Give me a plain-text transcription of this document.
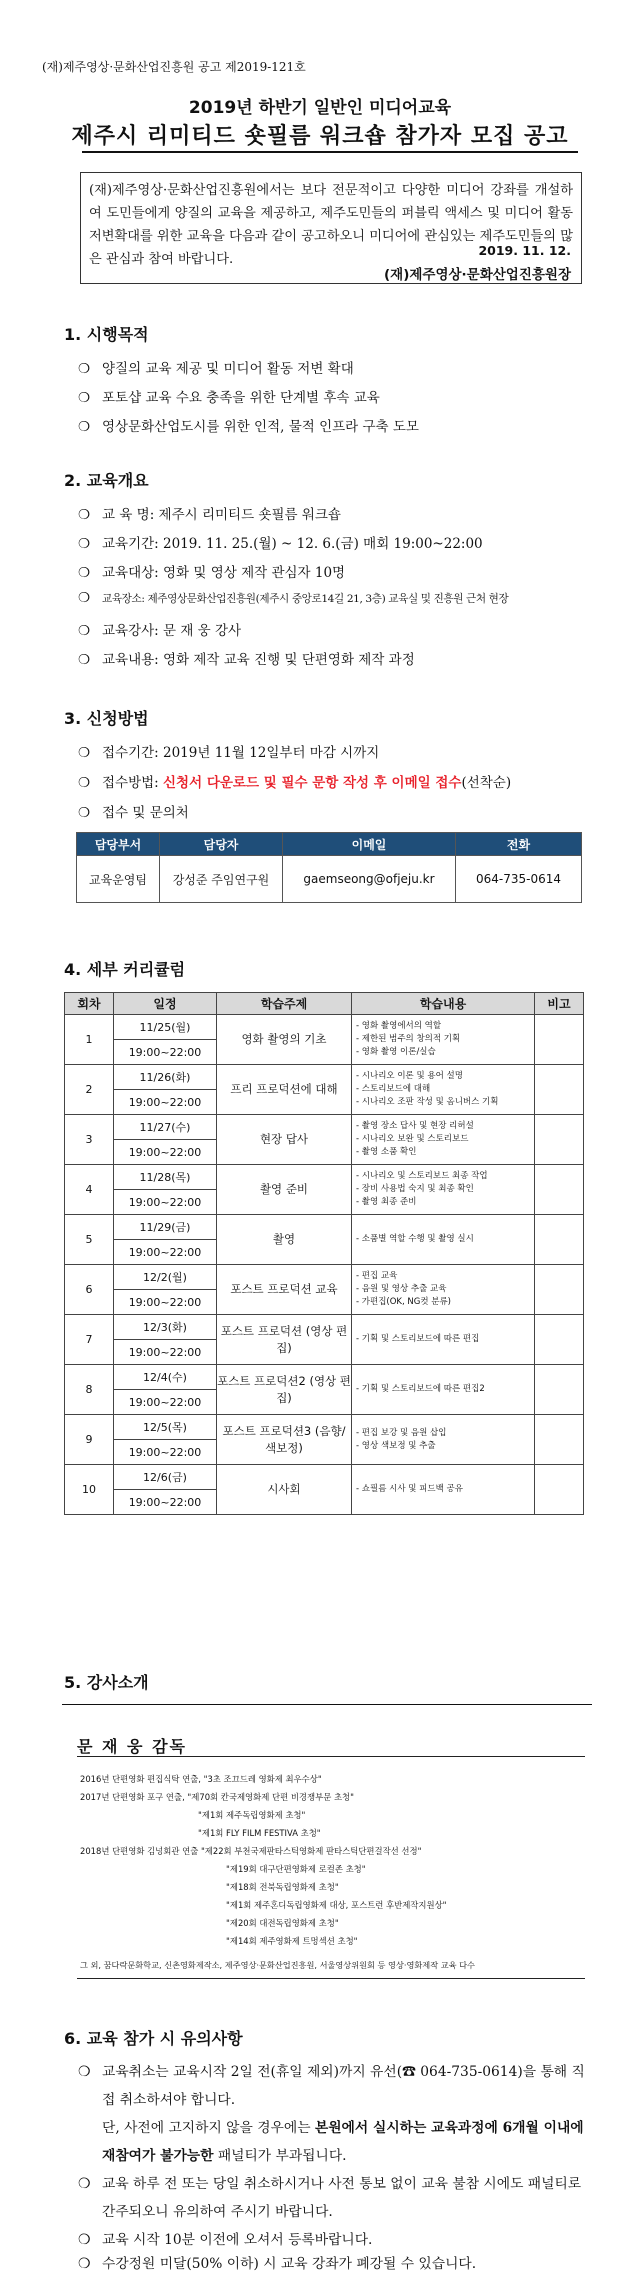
(재)제주영상·문화산업진흥원 공고 제2019-121호
2019년 하반기 일반인 미디어교육
제주시 리미티드 숏필름 워크숍 참가자 모집 공고
(재)제주영상·문화산업진흥원에서는 보다 전문적이고 다양한 미디어 강좌를 개설하여 도민들에게 양질의 교육을 제공하고, 제주도민들의 퍼블릭 액세스 및 미디어 활동 저변확대를 위한 교육을 다음과 같이 공고하오니 미디어에 관심있는 제주도민들의 많은 관심과 참여 바랍니다.
2019. 11. 12.
(재)제주영상·문화산업진흥원장
1. 시행목적
❍ 양질의 교육 제공 및 미디어 활동 저변 확대
❍ 포토샵 교육 수요 충족을 위한 단계별 후속 교육
❍ 영상문화산업도시를 위한 인적, 물적 인프라 구축 도모
2. 교육개요
❍ 교 육 명: 제주시 리미티드 숏필름 워크숍
❍ 교육기간: 2019. 11. 25.(월) ~ 12. 6.(금) 매회 19:00~22:00
❍ 교육대상: 영화 및 영상 제작 관심자 10명
❍ 교육장소: 제주영상문화산업진흥원(제주시 중앙로14길 21, 3층) 교육실 및 진흥원 근처 현장
❍ 교육강사: 문 재 웅 강사
❍ 교육내용: 영화 제작 교육 진행 및 단편영화 제작 과정
3. 신청방법
❍ 접수기간: 2019년 11월 12일부터 마감 시까지
❍ 접수방법: 신청서 다운로드 및 필수 문항 작성 후 이메일 접수(선착순)
❍ 접수 및 문의처
담당부서	담당자	이메일	전화
교육운영팀	강성준 주임연구원	gaemseong@ofjeju.kr	064-735-0614
4. 세부 커리큘럼
회차	일정	학습주제	학습내용	비고
1	11/25(월)	영화 촬영의 기초	- 영화 촬영에서의 역할
- 제한된 범주의 창의적 기획
- 영화 촬영 이론/실습	

	19:00~22:00			
2	11/26(화)	프리 프로덕션에 대해	- 시나리오 이론 및 용어 설명
- 스토리보드에 대해
- 시나리오 조판 작성 및 옴니버스 기획	

	19:00~22:00			
3	11/27(수)	현장 답사	- 촬영 장소 답사 및 현장 리허설
- 시나리오 보완 및 스토리보드
- 촬영 소품 확인	

	19:00~22:00			
4	11/28(목)	촬영 준비	- 시나리오 및 스토리보드 최종 작업
- 장비 사용법 숙지 및 최종 확인
- 촬영 최종 준비	

	19:00~22:00			
5	11/29(금)	촬영	- 소품별 역할 수행 및 촬영 실시	

	19:00~22:00			
6	12/2(월)	포스트 프로덕션 교육	- 편집 교육
- 음원 및 영상 추출 교육
- 가편집(OK, NG컷 분류)	

	19:00~22:00			
7	12/3(화)	포스트 프로덕션 (영상 편집)	- 기획 및 스토리보드에 따른 편집	

	19:00~22:00			
8	12/4(수)	포스트 프로덕션2 (영상 편집)	- 기획 및 스토리보드에 따른 편집2	

	19:00~22:00			
9	12/5(목)	포스트 프로덕션3 (음향/색보정)	- 편집 보강 및 음원 삽입
- 영상 색보정 및 추출	

	19:00~22:00			
10	12/6(금)	시사회	- 쇼필름 시사 및 피드백 공유	

	19:00~22:00			
5. 강사소개
문 재 웅 감독
2016년 단편영화 편집식탁 연출, "3초 조끄드레 영화제 최우수상"
2017년 단편영화 포구 연출, "제70회 칸국제영화제 단편 비경쟁부문 초청"
"제1회 제주독립영화제 초청"
"제1회 FLY FILM FESTIVA 초청"
2018년 단편영화 김넝회관 연출 "제22회 부천국제판타스틱영화제 판타스틱단편걸작선 선정"
"제19회 대구단편영화제 로컬존 초청"
"제18회 전북독립영화제 초청"
"제1회 제주혼디독립영화제 대상, 포스트런 후반제작지원상"
"제20회 대전독립영화제 초청"
"제14회 제주영화제 트멍섹션 초청"
그 외, 꿈다락문화학교, 신촌영화제작소, 제주영상·문화산업진흥원, 서울영상위원회 등 영상·영화제작 교육 다수
6. 교육 참가 시 유의사항
❍ 교육취소는 교육시작 2일 전(휴일 제외)까지 유선(☎ 064-735-0614)을 통해 직접 취소하셔야 합니다.
단, 사전에 고지하지 않을 경우에는 본원에서 실시하는 교육과정에 6개월 이내에 재참여가 불가능한 패널티가 부과됩니다.
❍ 교육 하루 전 또는 당일 취소하시거나 사전 통보 없이 교육 불참 시에도 패널티로 간주되오니 유의하여 주시기 바랍니다.
❍ 교육 시작 10분 이전에 오셔서 등록바랍니다.
❍ 수강정원 미달(50% 이하) 시 교육 강좌가 폐강될 수 있습니다.
